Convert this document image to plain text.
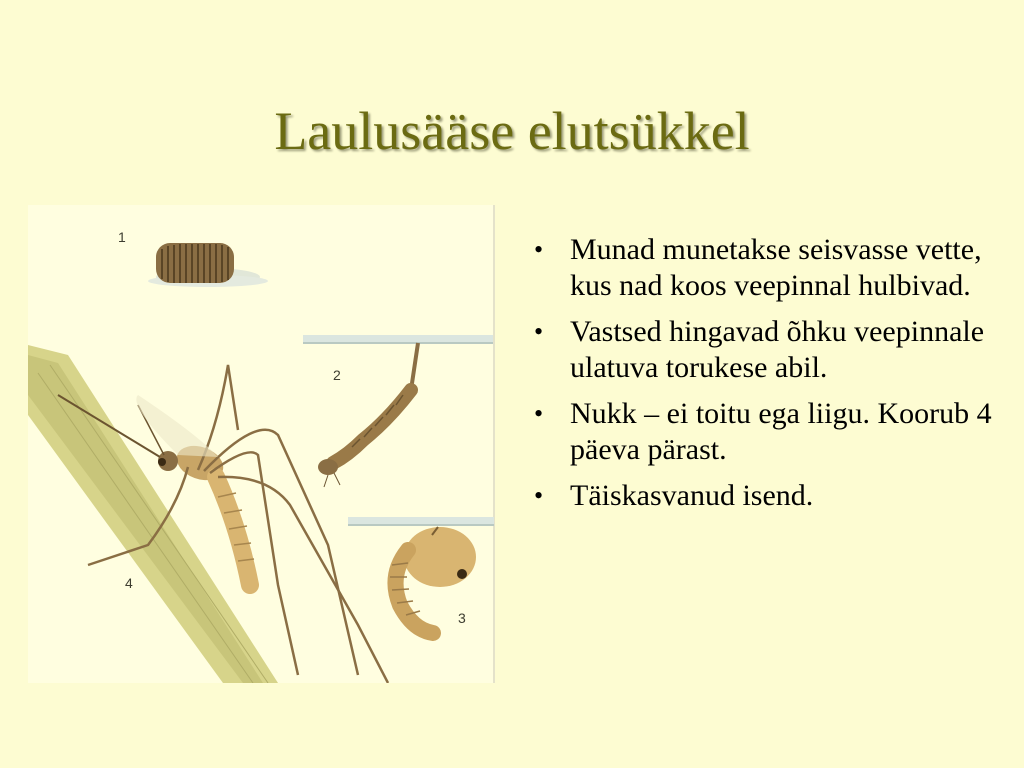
Laulusääse elutsükkel
1
2
3
4
• Munad munetakse seisvasse vette, kus nad koos veepinnal hulbivad.
• Vastsed hingavad õhku veepinnale ulatuva torukese abil.
• Nukk – ei toitu ega liigu. Koorub 4 päeva pärast.
• Täiskasvanud isend.
